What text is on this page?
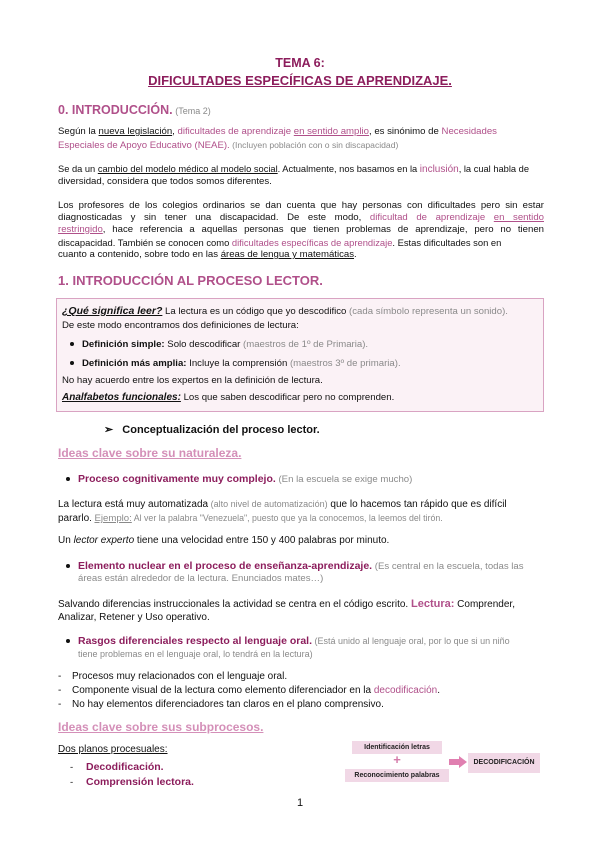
TEMA 6:
DIFICULTADES ESPECÍFICAS DE APRENDIZAJE.
0. INTRODUCCIÓN. (Tema 2)
Según la nueva legislación, dificultades de aprendizaje en sentido amplio, es sinónimo de Necesidades
Especiales de Apoyo Educativo (NEAE). (Incluyen población con o sin discapacidad)
Se da un cambio del modelo médico al modelo social. Actualmente, nos basamos en la inclusión, la cual habla de
diversidad, considera que todos somos diferentes.
Los profesores de los colegios ordinarios se dan cuenta que hay personas con dificultades pero sin estar
diagnosticadas y sin tener una discapacidad. De este modo, dificultad de aprendizaje en sentido
restringido, hace referencia a aquellas personas que tienen problemas de aprendizaje, pero no tienen
discapacidad. También se conocen como dificultades específicas de aprendizaje. Estas dificultades son en
cuanto a contenido, sobre todo en las áreas de lengua y matemáticas.
1. INTRODUCCIÓN AL PROCESO LECTOR.
¿Qué significa leer? La lectura es un código que yo descodifico (cada símbolo representa un sonido).
De este modo encontramos dos definiciones de lectura:
Definición simple: Solo descodificar (maestros de 1º de Primaria).
Definición más amplia: Incluye la comprensión (maestros 3º de primaria).
No hay acuerdo entre los expertos en la definición de lectura.
Analfabetos funcionales: Los que saben descodificar pero no comprenden.
➢ Conceptualización del proceso lector.
Ideas clave sobre su naturaleza.
Proceso cognitivamente muy complejo. (En la escuela se exige mucho)
La lectura está muy automatizada (alto nivel de automatización) que lo hacemos tan rápido que es difícil
pararlo. Ejemplo: Al ver la palabra "Venezuela", puesto que ya la conocemos, la leemos del tirón.
Un lector experto tiene una velocidad entre 150 y 400 palabras por minuto.
Elemento nuclear en el proceso de enseñanza-aprendizaje. (Es central en la escuela, todas las
áreas están alrededor de la lectura. Enunciados mates…)
Salvando diferencias instruccionales la actividad se centra en el código escrito. Lectura: Comprender,
Analizar, Retener y Uso operativo.
Rasgos diferenciales respecto al lenguaje oral. (Está unido al lenguaje oral, por lo que si un niño
tiene problemas en el lenguaje oral, lo tendrá en la lectura)
- Procesos muy relacionados con el lenguaje oral.
- Componente visual de la lectura como elemento diferenciador en la decodificación.
- No hay elementos diferenciadores tan claros en el plano comprensivo.
Ideas clave sobre sus subprocesos.
Dos planos procesuales:
- Decodificación.
- Comprensión lectora.
Identificación letras
+
Reconocimiento palabras
DECODIFICACIÓN
1
